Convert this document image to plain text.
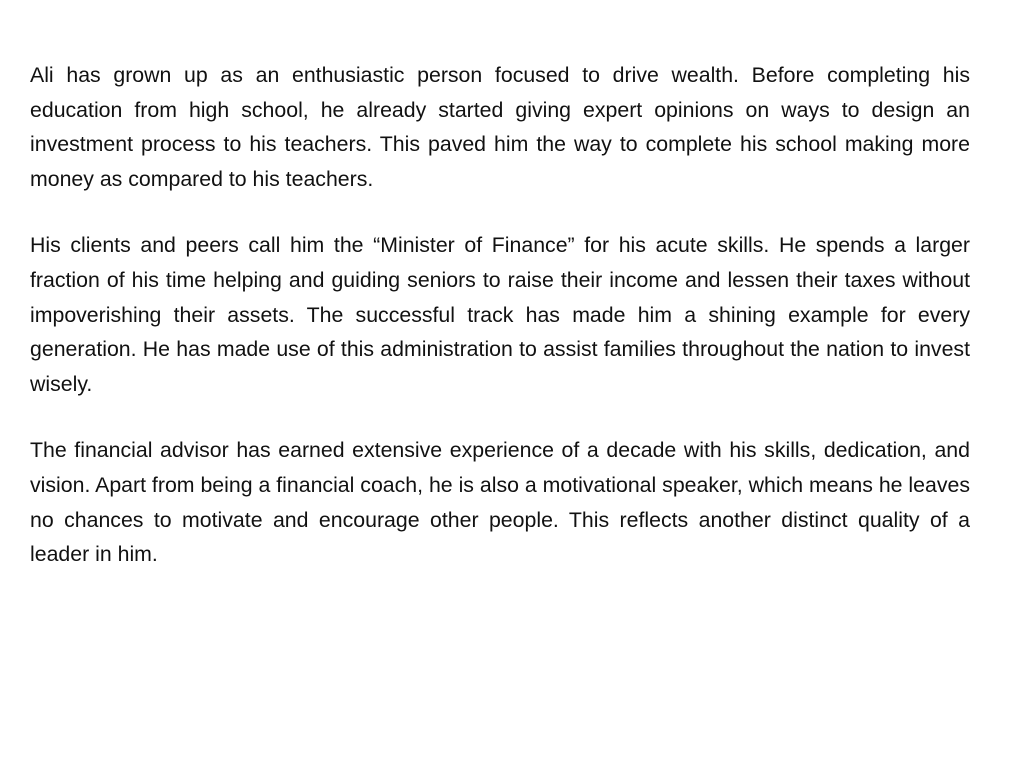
Ali has grown up as an enthusiastic person focused to drive wealth. Before completing his education from high school, he already started giving expert opinions on ways to design an investment process to his teachers. This paved him the way to complete his school making more money as compared to his teachers.

His clients and peers call him the “Minister of Finance” for his acute skills. He spends a larger fraction of his time helping and guiding seniors to raise their income and lessen their taxes without impoverishing their assets. The successful track has made him a shining example for every generation. He has made use of this administration to assist families throughout the nation to invest wisely.

The financial advisor has earned extensive experience of a decade with his skills, dedication, and vision. Apart from being a financial coach, he is also a motivational speaker, which means he leaves no chances to motivate and encourage other people. This reflects another distinct quality of a leader in him.
